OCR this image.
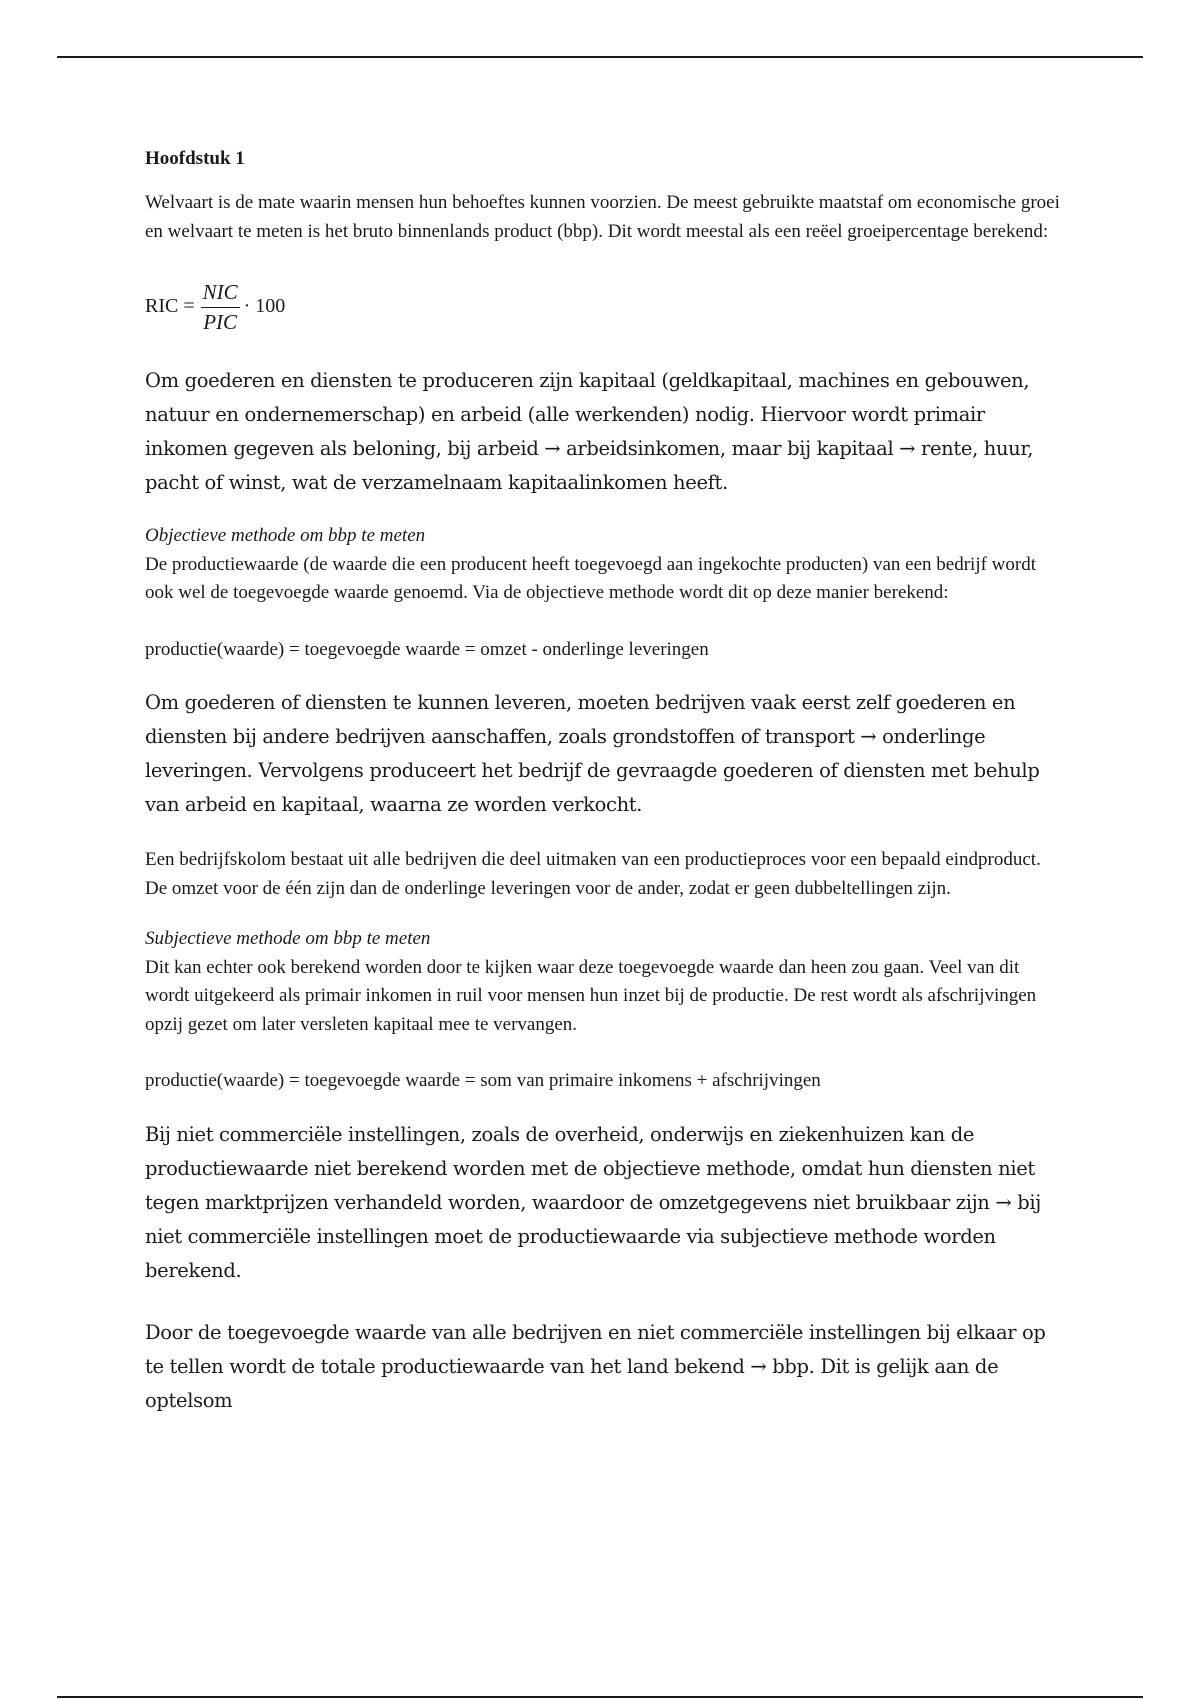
Hoofdstuk 1

Welvaart is de mate waarin mensen hun behoeftes kunnen voorzien. De meest gebruikte maatstaf om economische groei en welvaart te meten is het bruto binnenlands product (bbp). Dit wordt meestal als een reëel groeipercentage berekend:

RIC = $\frac{\text{NIC}}{\text{PIC}} \cdot 100$

Om goederen en diensten te produceren zijn kapitaal (geldkapitaal, machines en gebouwen, natuur en ondernemerschap) en arbeid (alle werkenden) nodig. Hiervoor wordt primair inkomen gegeven als beloning, bij arbeid → arbeidsinkomen, maar bij kapitaal → rente, huur, pacht of winst, wat de verzamelnaam kapitaalinkomen heeft.

Objectieve methode om bbp te meten

De productiewaarde (de waarde die een producent heeft toegevoegd aan ingekochte producten) van een bedrijf wordt ook wel de toegevoegde waarde genoemd. Via de objectieve methode wordt dit op deze manier berekend:

productie(waarde) = toegevoegde waarde = omzet - onderlinge leveringen

Om goederen of diensten te kunnen leveren, moeten bedrijven vaak eerst zelf goederen en diensten bij andere bedrijven aanschaffen, zoals grondstoffen of transport → onderlinge leveringen. Vervolgens produceert het bedrijf de gevraagde goederen of diensten met behulp van arbeid en kapitaal, waarna ze worden verkocht.

Een bedrijfskolom bestaat uit alle bedrijven die deel uitmaken van een productieproces voor een bepaald eindproduct. De omzet voor de één zijn dan de onderlinge leveringen voor de ander, zodat er geen dubbeltellingen zijn.

Subjectieve methode om bbp te meten

Dit kan echter ook berekend worden door te kijken waar deze toegevoegde waarde dan heen zou gaan. Veel van dit wordt uitgekeerd als primair inkomen in ruil voor mensen hun inzet bij de productie. De rest wordt als afschrijvingen opzij gezet om later versleten kapitaal mee te vervangen.

productie(waarde) = toegevoegde waarde = som van primaire inkomens + afschrijvingen

Bij niet commerciële instellingen, zoals de overheid, onderwijs en ziekenhuizen kan de productiewaarde niet berekend worden met de objectieve methode, omdat hun diensten niet tegen marktprijzen verhandeld worden, waardoor de omzetgegevens niet bruikbaar zijn → bij niet commerciële instellingen moet de productiewaarde via subjectieve methode worden berekend.

Door de toegevoegde waarde van alle bedrijven en niet commerciële instellingen bij elkaar op te tellen wordt de totale productiewaarde van het land bekend → bbp. Dit is gelijk aan de optelsom
